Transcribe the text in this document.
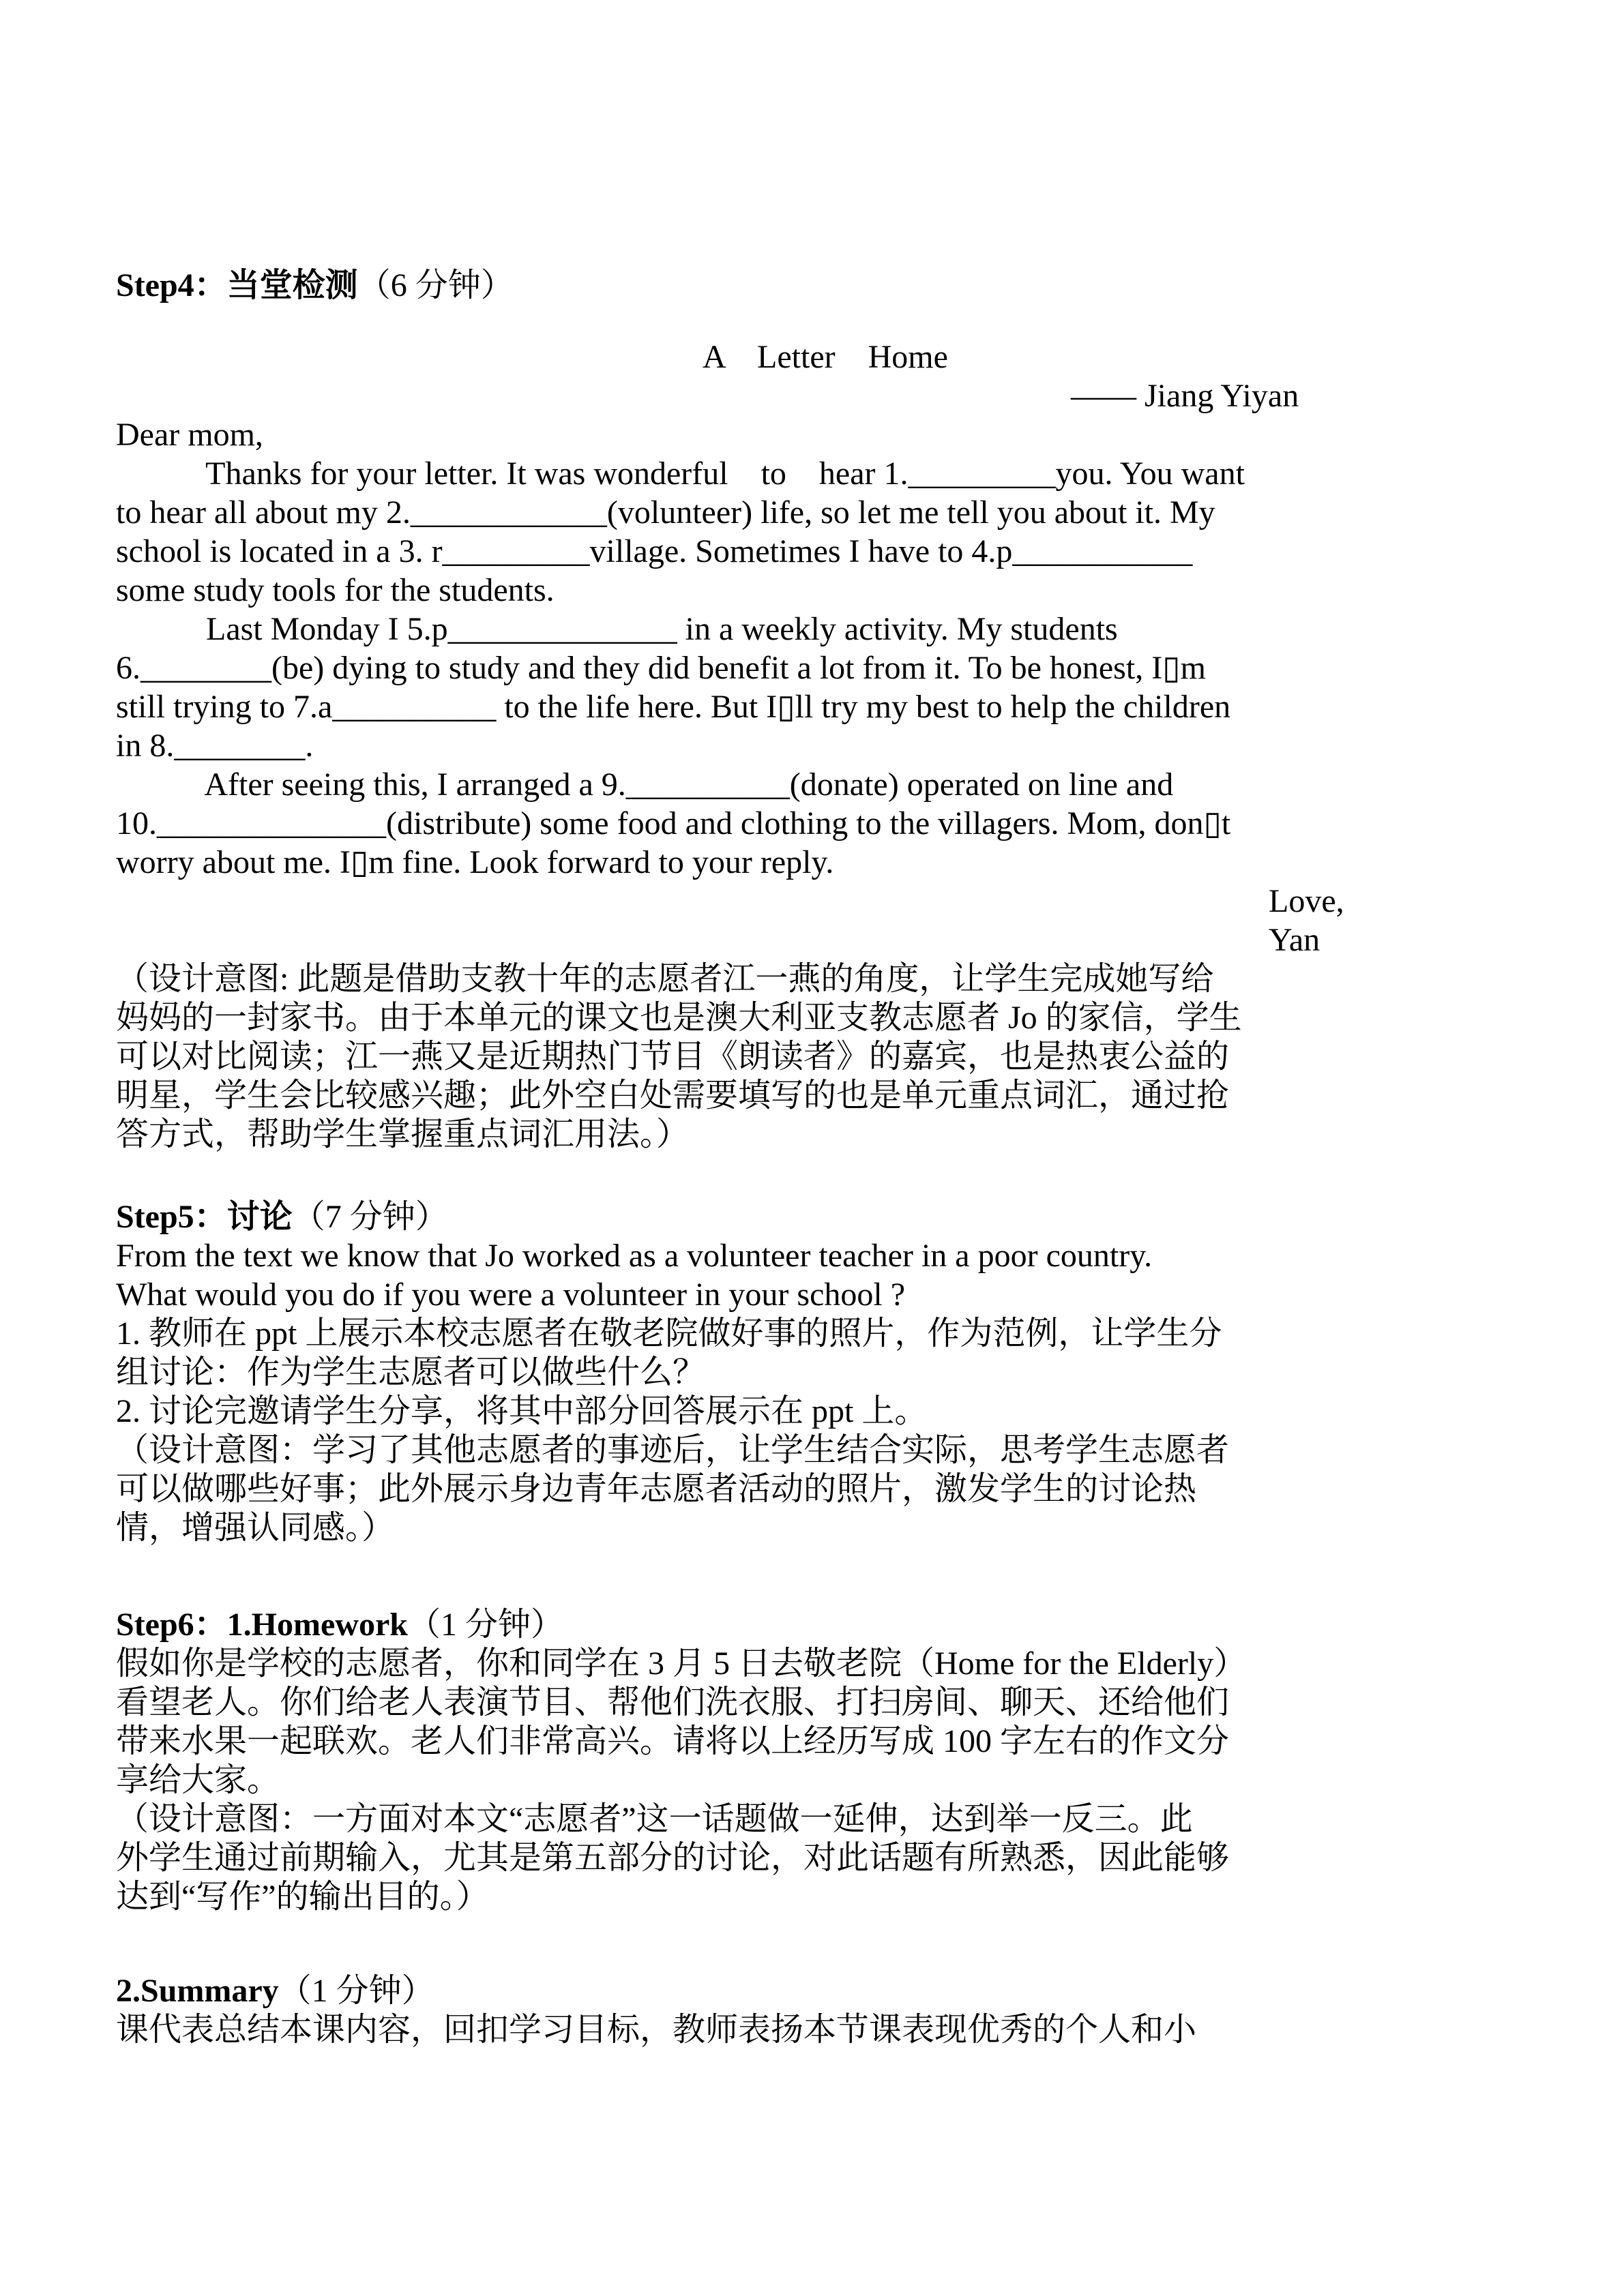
Step4：当堂检测（6 分钟）
A    Letter    Home
—— Jiang Yiyan
Dear mom,
Thanks for your letter. It was wonderful    to    hear 1._________you. You want
to hear all about my 2.____________(volunteer) life, so let me tell you about it. My
school is located in a 3. r_________village. Sometimes I have to 4.p___________
some study tools for the students.
Last Monday I 5.p______________ in a weekly activity. My students
6.________(be) dying to study and they did benefit a lot from it. To be honest, I▯m
still trying to 7.a__________ to the life here. But I▯ll try my best to help the children
in 8.________.
After seeing this, I arranged a 9.__________(donate) operated on line and
10.______________(distribute) some food and clothing to the villagers. Mom, don▯t
worry about me. I▯m fine. Look forward to your reply.
Love,
Yan
（设计意图: 此题是借助支教十年的志愿者江一燕的角度，让学生完成她写给
妈妈的一封家书。由于本单元的课文也是澳大利亚支教志愿者 Jo 的家信，学生
可以对比阅读；江一燕又是近期热门节目《朗读者》的嘉宾，也是热衷公益的
明星，学生会比较感兴趣；此外空白处需要填写的也是单元重点词汇，通过抢
答方式，帮助学生掌握重点词汇用法。）
Step5：讨论（7 分钟）
From the text we know that Jo worked as a volunteer teacher in a poor country.
What would you do if you were a volunteer in your school ?
1. 教师在 ppt 上展示本校志愿者在敬老院做好事的照片，作为范例，让学生分
组讨论：作为学生志愿者可以做些什么？
2. 讨论完邀请学生分享，将其中部分回答展示在 ppt 上。
（设计意图：学习了其他志愿者的事迹后，让学生结合实际，思考学生志愿者
可以做哪些好事；此外展示身边青年志愿者活动的照片，激发学生的讨论热
情，增强认同感。）
Step6：1.Homework（1 分钟）
假如你是学校的志愿者，你和同学在 3 月 5 日去敬老院（Home for the Elderly）
看望老人。你们给老人表演节目、帮他们洗衣服、打扫房间、聊天、还给他们
带来水果一起联欢。老人们非常高兴。请将以上经历写成 100 字左右的作文分
享给大家。
（设计意图：一方面对本文“志愿者”这一话题做一延伸，达到举一反三。此
外学生通过前期输入，尤其是第五部分的讨论，对此话题有所熟悉，因此能够
达到“写作”的输出目的。）
2.Summary（1 分钟）
课代表总结本课内容，回扣学习目标，教师表扬本节课表现优秀的个人和小
